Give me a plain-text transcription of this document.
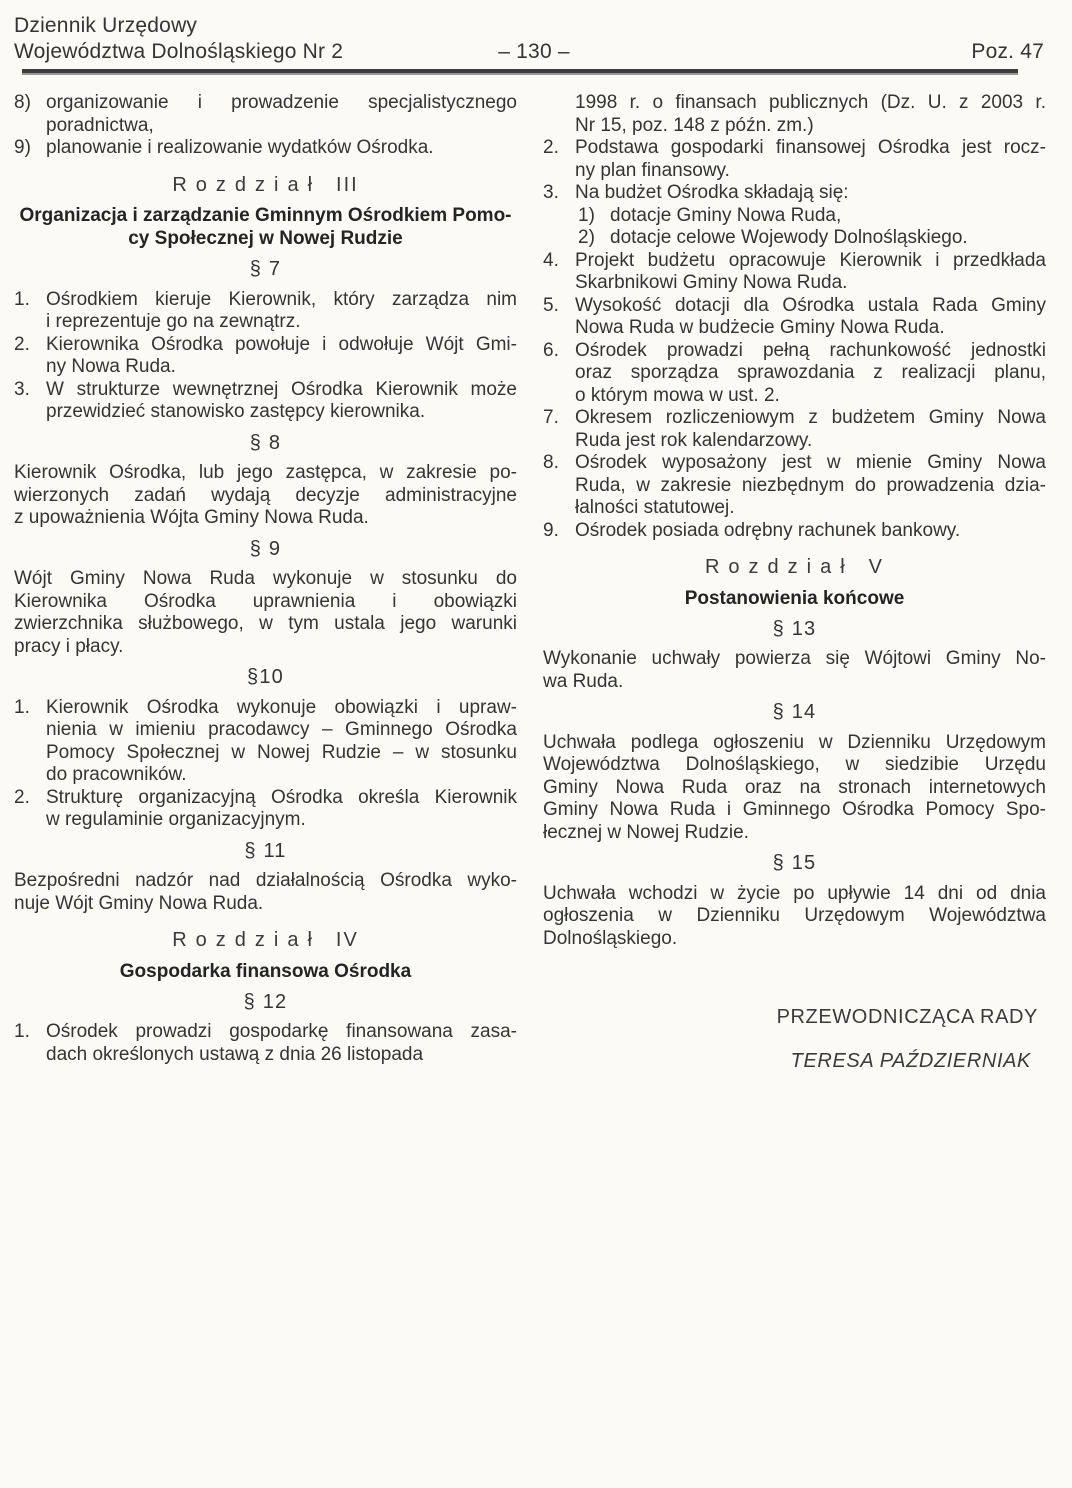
Dziennik Urzędowy
Województwa Dolnośląskiego Nr 2	– 130 –	Poz. 47
8) organizowanie i prowadzenie specjalistycznego
poradnictwa,
9) planowanie i realizowanie wydatków Ośrodka.
Rozdział III
Organizacja i zarządzanie Gminnym Ośrodkiem Pomo-
cy Społecznej w Nowej Rudzie
§ 7
1. Ośrodkiem kieruje Kierownik, który zarządza nim
i reprezentuje go na zewnątrz.
2. Kierownika Ośrodka powołuje i odwołuje Wójt Gmi-
ny Nowa Ruda.
3. W strukturze wewnętrznej Ośrodka Kierownik może
przewidzieć stanowisko zastępcy kierownika.
§ 8
Kierownik Ośrodka, lub jego zastępca, w zakresie po-
wierzonych zadań wydają decyzje administracyjne
z upoważnienia Wójta Gminy Nowa Ruda.
§ 9
Wójt Gminy Nowa Ruda wykonuje w stosunku do
Kierownika Ośrodka uprawnienia i obowiązki
zwierzchnika służbowego, w tym ustala jego warunki
pracy i płacy.
§10
1. Kierownik Ośrodka wykonuje obowiązki i upraw-
nienia w imieniu pracodawcy – Gminnego Ośrodka
Pomocy Społecznej w Nowej Rudzie – w stosunku
do pracowników.
2. Strukturę organizacyjną Ośrodka określa Kierownik
w regulaminie organizacyjnym.
§ 11
Bezpośredni nadzór nad działalnością Ośrodka wyko-
nuje Wójt Gminy Nowa Ruda.
Rozdział IV
Gospodarka finansowa Ośrodka
§ 12
1. Ośrodek prowadzi gospodarkę finansowana zasa-
dach określonych ustawą z dnia 26 listopada
1998 r. o finansach publicznych (Dz. U. z 2003 r.
Nr 15, poz. 148 z późn. zm.)
2. Podstawa gospodarki finansowej Ośrodka jest rocz-
ny plan finansowy.
3. Na budżet Ośrodka składają się:
1) dotacje Gminy Nowa Ruda,
2) dotacje celowe Wojewody Dolnośląskiego.
4. Projekt budżetu opracowuje Kierownik i przedkłada
Skarbnikowi Gminy Nowa Ruda.
5. Wysokość dotacji dla Ośrodka ustala Rada Gminy
Nowa Ruda w budżecie Gminy Nowa Ruda.
6. Ośrodek prowadzi pełną rachunkowość jednostki
oraz sporządza sprawozdania z realizacji planu,
o którym mowa w ust. 2.
7. Okresem rozliczeniowym z budżetem Gminy Nowa
Ruda jest rok kalendarzowy.
8. Ośrodek wyposażony jest w mienie Gminy Nowa
Ruda, w zakresie niezbędnym do prowadzenia dzia-
łalności statutowej.
9. Ośrodek posiada odrębny rachunek bankowy.
Rozdział V
Postanowienia końcowe
§ 13
Wykonanie uchwały powierza się Wójtowi Gminy No-
wa Ruda.
§ 14
Uchwała podlega ogłoszeniu w Dzienniku Urzędowym
Województwa Dolnośląskiego, w siedzibie Urzędu
Gminy Nowa Ruda oraz na stronach internetowych
Gminy Nowa Ruda i Gminnego Ośrodka Pomocy Spo-
łecznej w Nowej Rudzie.
§ 15
Uchwała wchodzi w życie po upływie 14 dni od dnia
ogłoszenia w Dzienniku Urzędowym Województwa
Dolnośląskiego.
PRZEWODNICZĄCA RADY
TERESA PAŹDZIERNIAK
